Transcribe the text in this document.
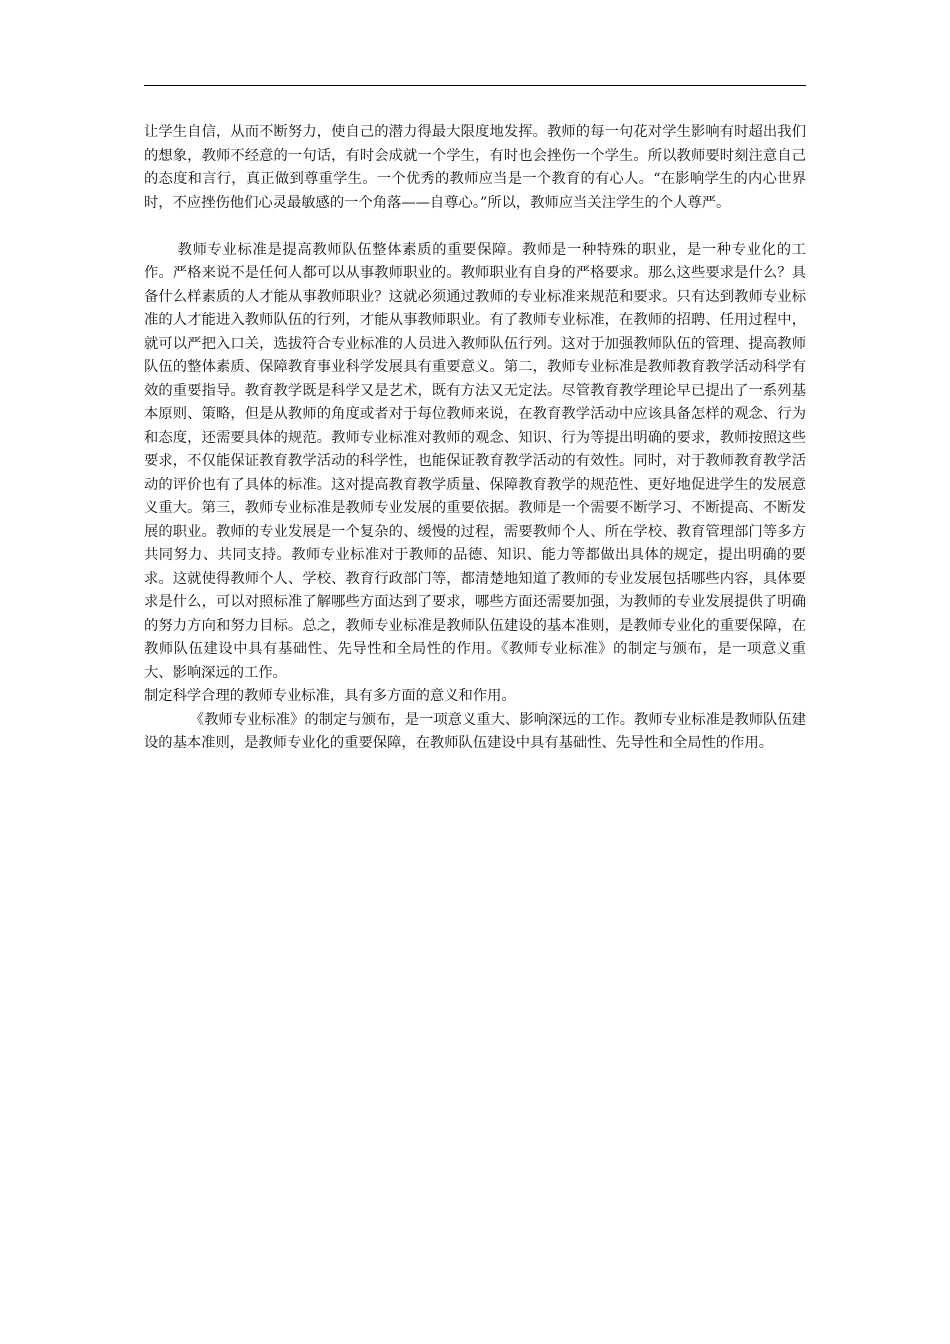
让学生自信，从而不断努力，使自己的潜力得最大限度地发挥。教师的每一句花对学生影响有时超出我们的想象，教师不经意的一句话，有时会成就一个学生，有时也会挫伤一个学生。所以教师要时刻注意自己的态度和言行，真正做到尊重学生。一个优秀的教师应当是一个教育的有心人。“在影响学生的内心世界时，不应挫伤他们心灵最敏感的一个角落——自尊心。”所以，教师应当关注学生的个人尊严。

教师专业标准是提高教师队伍整体素质的重要保障。教师是一种特殊的职业，是一种专业化的工作。严格来说不是任何人都可以从事教师职业的。教师职业有自身的严格要求。那么这些要求是什么？具备什么样素质的人才能从事教师职业？这就必须通过教师的专业标准来规范和要求。只有达到教师专业标准的人才能进入教师队伍的行列，才能从事教师职业。有了教师专业标准，在教师的招聘、任用过程中，就可以严把入口关，选拔符合专业标准的人员进入教师队伍行列。这对于加强教师队伍的管理、提高教师队伍的整体素质、保障教育事业科学发展具有重要意义。第二，教师专业标准是教师教育教学活动科学有效的重要指导。教育教学既是科学又是艺术，既有方法又无定法。尽管教育教学理论早已提出了一系列基本原则、策略，但是从教师的角度或者对于每位教师来说，在教育教学活动中应该具备怎样的观念、行为和态度，还需要具体的规范。教师专业标准对教师的观念、知识、行为等提出明确的要求，教师按照这些要求，不仅能保证教育教学活动的科学性，也能保证教育教学活动的有效性。同时，对于教师教育教学活动的评价也有了具体的标准。这对提高教育教学质量、保障教育教学的规范性、更好地促进学生的发展意义重大。第三，教师专业标准是教师专业发展的重要依据。教师是一个需要不断学习、不断提高、不断发展的职业。教师的专业发展是一个复杂的、缓慢的过程，需要教师个人、所在学校、教育管理部门等多方共同努力、共同支持。教师专业标准对于教师的品德、知识、能力等都做出具体的规定，提出明确的要求。这就使得教师个人、学校、教育行政部门等，都清楚地知道了教师的专业发展包括哪些内容，具体要求是什么，可以对照标准了解哪些方面达到了要求，哪些方面还需要加强，为教师的专业发展提供了明确的努力方向和努力目标。总之，教师专业标准是教师队伍建设的基本准则，是教师专业化的重要保障，在教师队伍建设中具有基础性、先导性和全局性的作用。《教师专业标准》的制定与颁布，是一项意义重大、影响深远的工作。

制定科学合理的教师专业标准，具有多方面的意义和作用。

《教师专业标准》的制定与颁布，是一项意义重大、影响深远的工作。教师专业标准是教师队伍建设的基本准则，是教师专业化的重要保障，在教师队伍建设中具有基础性、先导性和全局性的作用。
